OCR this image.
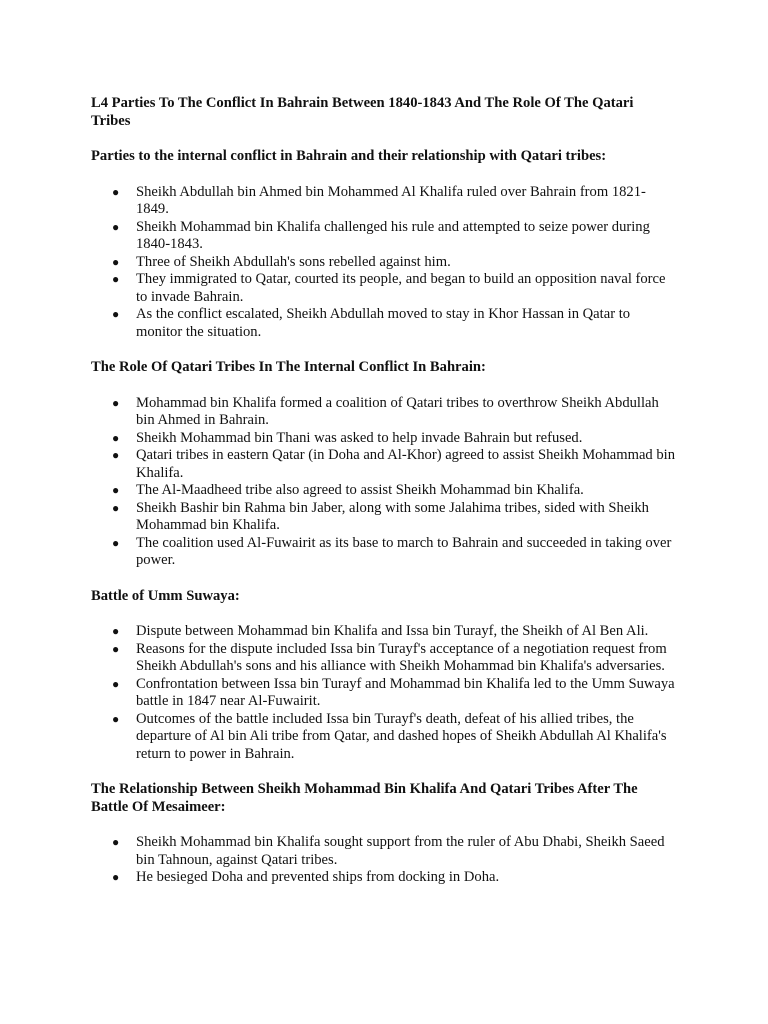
L4 Parties To The Conflict In Bahrain Between 1840-1843 And The Role Of The Qatari Tribes
Parties to the internal conflict in Bahrain and their relationship with Qatari tribes:
● Sheikh Abdullah bin Ahmed bin Mohammed Al Khalifa ruled over Bahrain from 1821-1849.
● Sheikh Mohammad bin Khalifa challenged his rule and attempted to seize power during 1840-1843.
● Three of Sheikh Abdullah's sons rebelled against him.
● They immigrated to Qatar, courted its people, and began to build an opposition naval force to invade Bahrain.
● As the conflict escalated, Sheikh Abdullah moved to stay in Khor Hassan in Qatar to monitor the situation.
The Role Of Qatari Tribes In The Internal Conflict In Bahrain:
● Mohammad bin Khalifa formed a coalition of Qatari tribes to overthrow Sheikh Abdullah bin Ahmed in Bahrain.
● Sheikh Mohammad bin Thani was asked to help invade Bahrain but refused.
● Qatari tribes in eastern Qatar (in Doha and Al-Khor) agreed to assist Sheikh Mohammad bin Khalifa.
● The Al-Maadheed tribe also agreed to assist Sheikh Mohammad bin Khalifa.
● Sheikh Bashir bin Rahma bin Jaber, along with some Jalahima tribes, sided with Sheikh Mohammad bin Khalifa.
● The coalition used Al-Fuwairit as its base to march to Bahrain and succeeded in taking over power.
Battle of Umm Suwaya:
● Dispute between Mohammad bin Khalifa and Issa bin Turayf, the Sheikh of Al Ben Ali.
● Reasons for the dispute included Issa bin Turayf's acceptance of a negotiation request from Sheikh Abdullah's sons and his alliance with Sheikh Mohammad bin Khalifa's adversaries.
● Confrontation between Issa bin Turayf and Mohammad bin Khalifa led to the Umm Suwaya battle in 1847 near Al-Fuwairit.
● Outcomes of the battle included Issa bin Turayf's death, defeat of his allied tribes, the departure of Al bin Ali tribe from Qatar, and dashed hopes of Sheikh Abdullah Al Khalifa's return to power in Bahrain.
The Relationship Between Sheikh Mohammad Bin Khalifa And Qatari Tribes After The Battle Of Mesaimeer:
● Sheikh Mohammad bin Khalifa sought support from the ruler of Abu Dhabi, Sheikh Saeed bin Tahnoun, against Qatari tribes.
● He besieged Doha and prevented ships from docking in Doha.
